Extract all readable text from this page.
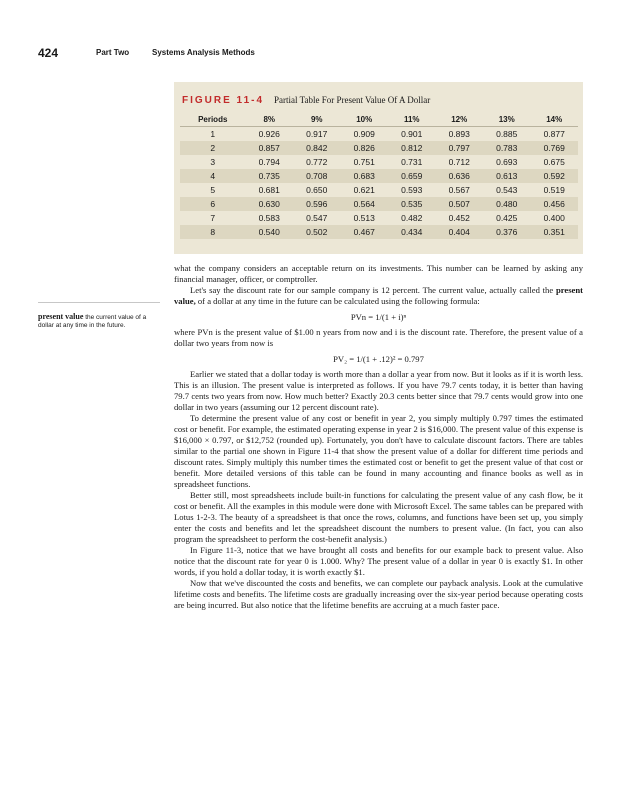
424	Part Two	Systems Analysis Methods
FIGURE 11-4 Partial Table For Present Value Of A Dollar
Periods	8%	9%	10%	11%	12%	13%	14%
1	0.926	0.917	0.909	0.901	0.893	0.885	0.877
2	0.857	0.842	0.826	0.812	0.797	0.783	0.769
3	0.794	0.772	0.751	0.731	0.712	0.693	0.675
4	0.735	0.708	0.683	0.659	0.636	0.613	0.592
5	0.681	0.650	0.621	0.593	0.567	0.543	0.519
6	0.630	0.596	0.564	0.535	0.507	0.480	0.456
7	0.583	0.547	0.513	0.482	0.452	0.425	0.400
8	0.540	0.502	0.467	0.434	0.404	0.376	0.351
present value the current value of a dollar at any time in the future.

what the company considers an acceptable return on its investments. This number can be learned by asking any financial manager, officer, or comptroller.

Let's say the discount rate for our sample company is 12 percent. The current value, actually called the present value, of a dollar at any time in the future can be calculated using the following formula:

PVn = 1/(1 + i)ⁿ

where PVn is the present value of $1.00 n years from now and i is the discount rate. Therefore, the present value of a dollar two years from now is

PV₂ = 1/(1 + .12)² = 0.797

Earlier we stated that a dollar today is worth more than a dollar a year from now. But it looks as if it is worth less. This is an illusion. The present value is interpreted as follows. If you have 79.7 cents today, it is better than having 79.7 cents two years from now. How much better? Exactly 20.3 cents better since that 79.7 cents would grow into one dollar in two years (assuming our 12 percent discount rate).

To determine the present value of any cost or benefit in year 2, you simply multiply 0.797 times the estimated cost or benefit. For example, the estimated operating expense in year 2 is $16,000. The present value of this expense is $16,000 × 0.797, or $12,752 (rounded up). Fortunately, you don't have to calculate discount factors. There are tables similar to the partial one shown in Figure 11-4 that show the present value of a dollar for different time periods and discount rates. Simply multiply this number times the estimated cost or benefit to get the present value of that cost or benefit. More detailed versions of this table can be found in many accounting and finance books as well as in spreadsheet functions.

Better still, most spreadsheets include built-in functions for calculating the present value of any cash flow, be it cost or benefit. All the examples in this module were done with Microsoft Excel. The same tables can be prepared with Lotus 1-2-3. The beauty of a spreadsheet is that once the rows, columns, and functions have been set up, you simply enter the costs and benefits and let the spreadsheet discount the numbers to present value. (In fact, you can also program the spreadsheet to perform the cost-benefit analysis.)

In Figure 11-3, notice that we have brought all costs and benefits for our example back to present value. Also notice that the discount rate for year 0 is 1.000. Why? The present value of a dollar in year 0 is exactly $1. In other words, if you hold a dollar today, it is worth exactly $1.

Now that we've discounted the costs and benefits, we can complete our payback analysis. Look at the cumulative lifetime costs and benefits. The lifetime costs are gradually increasing over the six-year period because operating costs are being incurred. But also notice that the lifetime benefits are accruing at a much faster pace.
